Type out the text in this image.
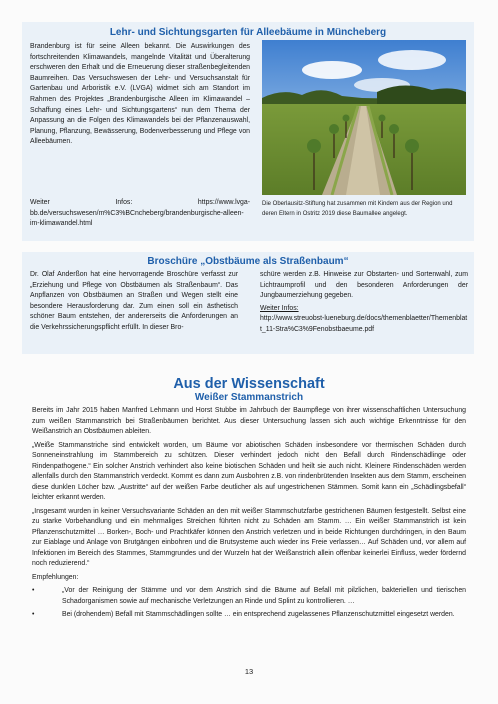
Lehr- und Sichtungsgarten für Alleebäume in Müncheberg

Brandenburg ist für seine Alleen bekannt. Die Auswirkungen des fortschreitenden Klimawandels, mangelnde Vitalität und Überalterung erschweren den Erhalt und die Erneuerung dieser straßenbegleitenden Baumreihen. Das Versuchswesen der Lehr- und Versuchsanstalt für Gartenbau und Arboristik e.V. (LVGA) widmet sich am Standort im Rahmen des Projektes „Brandenburgische Alleen im Klimawandel – Schaffung eines Lehr- und Sichtungsgartens“ nun dem Thema der Anpassung an die Folgen des Klimawandels bei der Pflanzenauswahl, Planung, Pflanzung, Bewässerung, Bodenverbesserung und Pflege von Alleebäumen.

Weiter Infos: https://www.lvga-bb.de/versuchswesen/m%C3%BCncheberg/brandenburgische-alleen-im-klimawandel.html

Die Oberlausitz-Stiftung hat zusammen mit Kindern aus der Region und deren Eltern in Ostritz 2019 diese Baumallee angelegt.
Broschüre „Obstbäume als Straßenbaum“

Dr. Olaf Anderßon hat eine hervorragende Broschüre verfasst zur „Erziehung und Pflege von Obstbäumen als Straßenbaum“. Das Anpflanzen von Obstbäumen an Straßen und Wegen stellt eine besondere Herausforderung dar. Zum einen soll ein ästhetisch schöner Baum entstehen, der andererseits die Anforderungen an die Verkehrssicherungspflicht erfüllt. In dieser Bro-

schüre werden z.B. Hinweise zur Obstarten- und Sortenwahl, zum Lichtraumprofil und den besonderen Anforderungen der Jungbaumerziehung gegeben.

Weiter Infos:

http://www.streuobst-lueneburg.de/docs/themenblaetter/Themenblatt_11-Stra%C3%9Fenobstbaeume.pdf

Aus der Wissenschaft
Weißer Stammanstrich

Bereits im Jahr 2015 haben Manfred Lehmann und Horst Stubbe im Jahrbuch der Baumpflege von ihrer wissenschaftlichen Untersuchung zum weißen Stammanstrich bei Straßenbäumen berichtet. Aus dieser Untersuchung lassen sich auch wichtige Erkenntnisse für den Weißanstrich an Obstbäumen ableiten.

„Weiße Stammanstriche sind entwickelt worden, um Bäume vor abiotischen Schäden insbesondere vor thermischen Schäden durch Sonneneinstrahlung im Stammbereich zu schützen. Dieser verhindert jedoch nicht den Befall durch Rindenschädlinge oder Rindenpathogene.“ Ein solcher Anstrich verhindert also keine biotischen Schäden und heilt sie auch nicht. Kleinere Rindenschäden werden allenfalls durch den Stammanstrich verdeckt. Kommt es dann zum Ausbohren z.B. von rindenbrütenden Insekten aus dem Stamm, erscheinen diese dunklen Löcher bzw. „Austritte“ auf der weißen Farbe deutlicher als auf ungestrichenen Stämmen. Somit kann ein „Schädlingsbefall“ leichter erkannt werden.

„Insgesamt wurden in keiner Versuchsvariante Schäden an den mit weißer Stammschutzfarbe gestrichenen Bäumen festgestellt. Selbst eine zu starke Vorbehandlung und ein mehrmaliges Streichen führten nicht zu Schäden am Stamm. … Ein weißer Stammanstrich ist kein Pflanzenschutzmittel … Borken-, Boch- und Prachtkäfer können den Anstrich verletzen und in beide Richtungen durchdringen, in den Baum zur Eiablage und Anlage von Brutgängen einbohren und die Brutsysteme auch wieder ins Freie verlassen… Auf Schäden und, vor allem auf Infektionen im Bereich des Stammes, Stammgrundes und der Wurzeln hat der Weißanstrich allein offenbar keinerlei Einfluss, weder fördernd noch reduzierend.“

Empfehlungen:

•	„Vor der Reinigung der Stämme und vor dem Anstrich sind die Bäume auf Befall mit pilzlichen, bakteriellen und tierischen Schadorganismen sowie auf mechanische Verletzungen an Rinde und Splint zu kontrollieren. …

•	Bei (drohendem) Befall mit Stammschädlingen sollte … ein entsprechend zugelassenes Pflanzenschutzmittel eingesetzt werden.

13
